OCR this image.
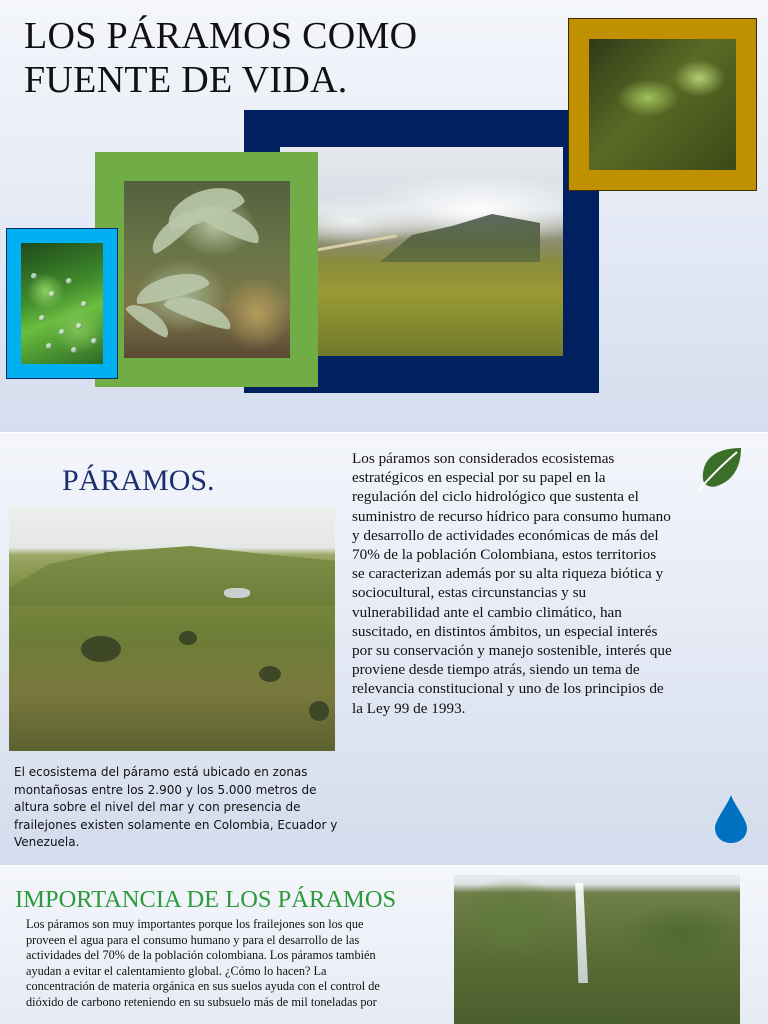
LOS PÁRAMOS COMO
FUENTE DE VIDA.
PÁRAMOS.

Los páramos son considerados ecosistemas estratégicos en especial por su papel en la regulación del ciclo hidrológico que sustenta el suministro de recurso hídrico para consumo humano y desarrollo de actividades económicas de más del 70% de la población Colombiana, estos territorios se caracterizan además por su alta riqueza biótica y sociocultural, estas circunstancias y su vulnerabilidad ante el cambio climático, han suscitado, en distintos ámbitos, un especial interés por su conservación y manejo sostenible, interés que proviene desde tiempo atrás, siendo un tema de relevancia constitucional y uno de los principios de la Ley 99 de 1993.

El ecosistema del páramo está ubicado en zonas montañosas entre los 2.900 y los 5.000 metros de altura sobre el nivel del mar y con presencia de frailejones existen solamente en Colombia, Ecuador y Venezuela.

IMPORTANCIA DE LOS PÁRAMOS

Los páramos son muy importantes porque los frailejones son los que proveen el agua para el consumo humano y para el desarrollo de las actividades del 70% de la población colombiana. Los páramos también ayudan a evitar el calentamiento global. ¿Cómo lo hacen? La concentración de materia orgánica en sus suelos ayuda con el control de dióxido de carbono reteniendo en su subsuelo más de mil toneladas por
